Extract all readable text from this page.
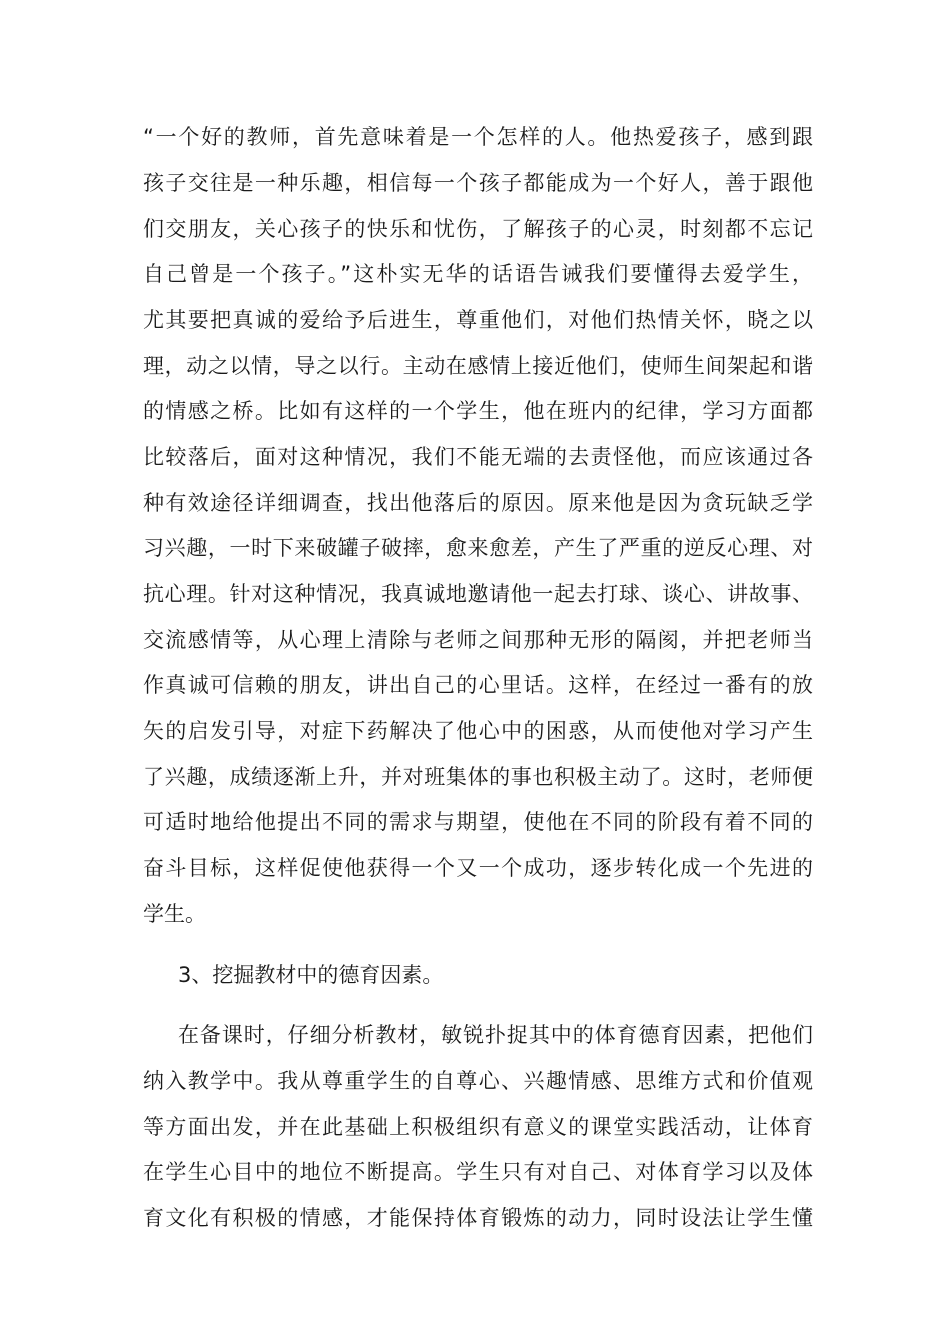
“一个好的教师，首先意味着是一个怎样的人。他热爱孩子，感到跟
孩子交往是一种乐趣，相信每一个孩子都能成为一个好人，善于跟他
们交朋友，关心孩子的快乐和忧伤，了解孩子的心灵，时刻都不忘记
自己曾是一个孩子。”这朴实无华的话语告诫我们要懂得去爱学生，
尤其要把真诚的爱给予后进生，尊重他们，对他们热情关怀，晓之以
理，动之以情，导之以行。主动在感情上接近他们，使师生间架起和谐
的情感之桥。比如有这样的一个学生，他在班内的纪律，学习方面都
比较落后，面对这种情况，我们不能无端的去责怪他，而应该通过各
种有效途径详细调查，找出他落后的原因。原来他是因为贪玩缺乏学
习兴趣，一时下来破罐子破摔，愈来愈差，产生了严重的逆反心理、对
抗心理。针对这种情况，我真诚地邀请他一起去打球、谈心、讲故事、
交流感情等，从心理上清除与老师之间那种无形的隔阂，并把老师当
作真诚可信赖的朋友，讲出自己的心里话。这样，在经过一番有的放
矢的启发引导，对症下药解决了他心中的困惑，从而使他对学习产生
了兴趣，成绩逐渐上升，并对班集体的事也积极主动了。这时，老师便
可适时地给他提出不同的需求与期望，使他在不同的阶段有着不同的
奋斗目标，这样促使他获得一个又一个成功，逐步转化成一个先进的
学生。
3、挖掘教材中的德育因素。
在备课时，仔细分析教材，敏锐扑捉其中的体育德育因素，把他们
纳入教学中。我从尊重学生的自尊心、兴趣情感、思维方式和价值观
等方面出发，并在此基础上积极组织有意义的课堂实践活动，让体育
在学生心目中的地位不断提高。学生只有对自己、对体育学习以及体
育文化有积极的情感，才能保持体育锻炼的动力，同时设法让学生懂
